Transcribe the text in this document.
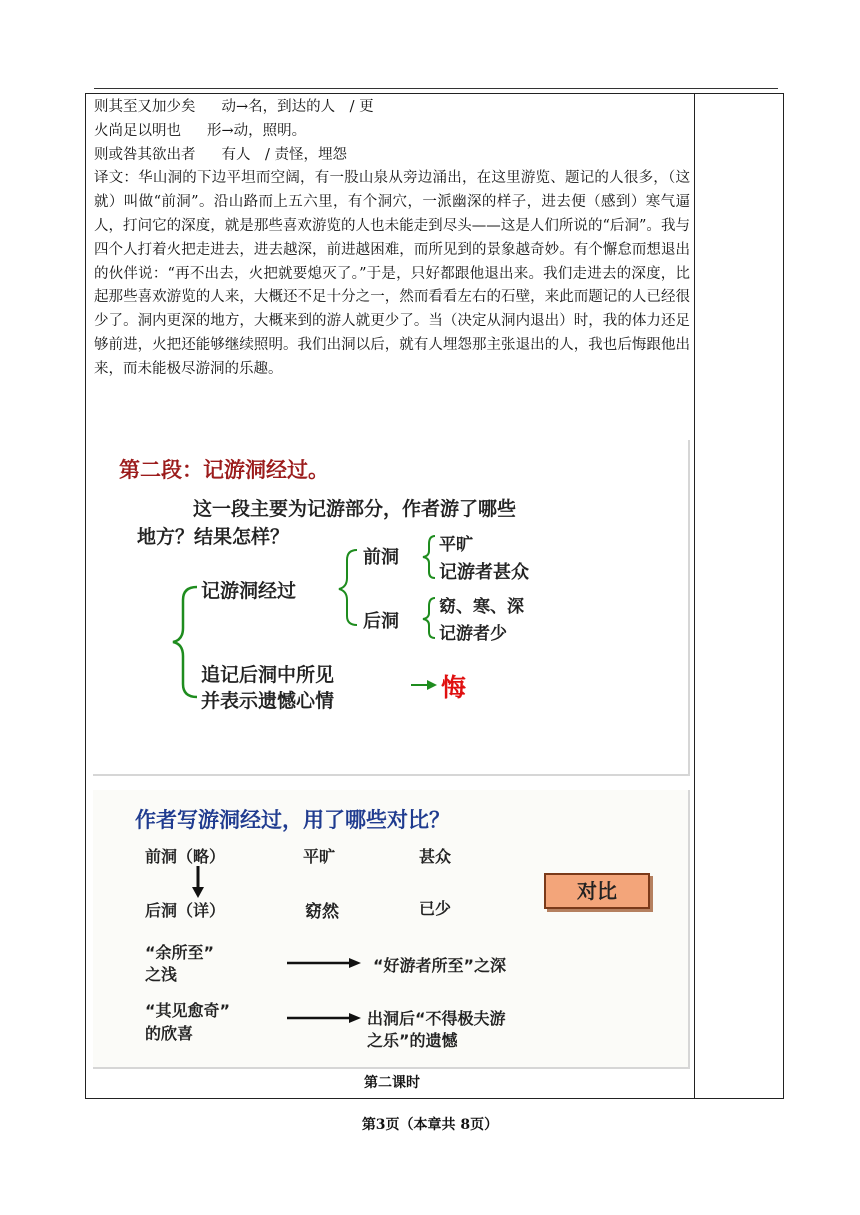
则其至又加少矣 动→名，到达的人　/ 更

火尚足以明也 形→动，照明。

则或咎其欲出者 有人　/ 责怪，埋怨

译文：华山洞的下边平坦而空阔，有一股山泉从旁边涌出，在这里游览、题记的人很多，（这就）叫做“前洞”。沿山路而上五六里，有个洞穴，一派幽深的样子，进去便（感到）寒气逼人，打问它的深度，就是那些喜欢游览的人也未能走到尽头——这是人们所说的“后洞”。我与四个人打着火把走进去，进去越深，前进越困难，而所见到的景象越奇妙。有个懈怠而想退出的伙伴说：“再不出去，火把就要熄灭了。”于是，只好都跟他退出来。我们走进去的深度，比起那些喜欢游览的人来，大概还不足十分之一，然而看看左右的石壁，来此而题记的人已经很少了。洞内更深的地方，大概来到的游人就更少了。当（决定从洞内退出）时，我的体力还足够前进，火把还能够继续照明。我们出洞以后，就有人埋怨那主张退出的人，我也后悔跟他出来，而未能极尽游洞的乐趣。

第二段：记游洞经过。
这一段主要为记游部分，作者游了哪些
地方？结果怎样？
记游洞经过
前洞
平旷
记游者甚众
后洞
窈、寒、深
记游者少
追记后洞中所见
并表示遗憾心情	悔
作者写游洞经过，用了哪些对比？
前洞（略）	平旷	甚众
后洞（详）	窈然	已少
对比
“余所至”
之浅	“好游者所至”之深
“其见愈奇”
的欣喜
出洞后“不得极夫游
之乐”的遗憾
第二课时
第3页（本章共 8页）
